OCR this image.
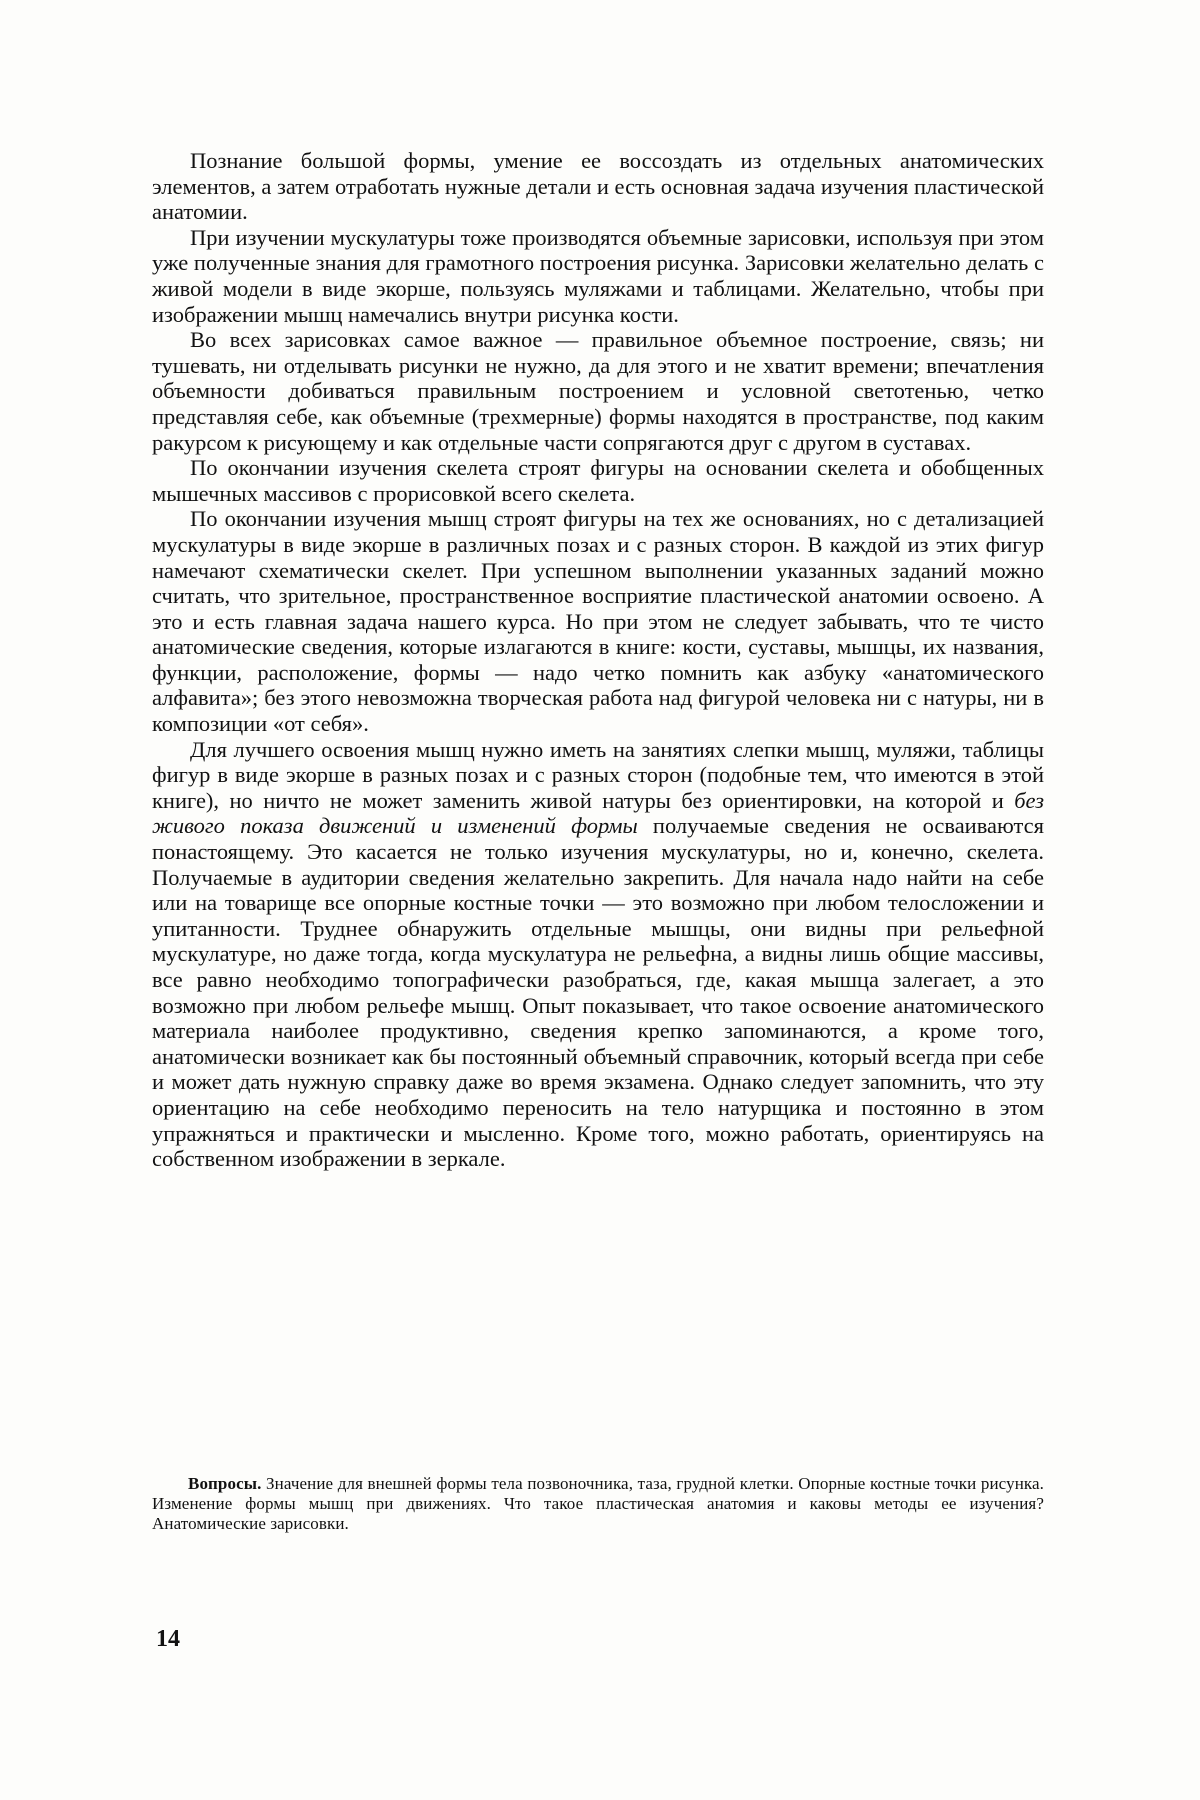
Познание большой формы, умение ее воссоздать из отдельных анатомических элементов, а затем отработать нужные детали и есть основная задача изучения пластической анатомии.

При изучении мускулатуры тоже производятся объемные зарисовки, используя при этом уже полученные знания для грамотного построения рисунка. Зарисовки желательно делать с живой модели в виде экорше, пользуясь муляжами и таблицами. Желательно, чтобы при изображении мышц намечались внутри рисунка кости.

Во всех зарисовках самое важное — правильное объемное построение, связь; ни тушевать, ни отделывать рисунки не нужно, да для этого и не хватит времени; впечатления объемности добиваться правильным построением и условной светотенью, четко представляя себе, как объемные (трехмерные) формы находятся в пространстве, под каким ракурсом к рисующему и как отдельные части сопрягаются друг с другом в суставах.

По окончании изучения скелета строят фигуры на основании скелета и обобщенных мышечных массивов с прорисовкой всего скелета.

По окончании изучения мышц строят фигуры на тех же основаниях, но с детализацией мускулатуры в виде экорше в различных позах и с разных сторон. В каждой из этих фигур намечают схематически скелет. При успешном выполнении указанных заданий можно считать, что зрительное, пространственное восприятие пластической анатомии освоено. А это и есть главная задача нашего курса. Но при этом не следует забывать, что те чисто анатомические сведения, которые излагаются в книге: кости, суставы, мышцы, их названия, функции, расположение, формы — надо четко помнить как азбуку «анатомического алфавита»; без этого невозможна творческая работа над фигурой человека ни с натуры, ни в композиции «от себя».

Для лучшего освоения мышц нужно иметь на занятиях слепки мышц, муляжи, таблицы фигур в виде экорше в разных позах и с разных сторон (подобные тем, что имеются в этой книге), но ничто не может заменить живой натуры без ориентировки, на которой и без живого показа движений и изменений формы получаемые сведения не осваиваются понастоящему. Это касается не только изучения мускулатуры, но и, конечно, скелета. Получаемые в аудитории сведения желательно закрепить. Для начала надо найти на себе или на товарище все опорные костные точки — это возможно при любом телосложении и упитанности. Труднее обнаружить отдельные мышцы, они видны при рельефной мускулатуре, но даже тогда, когда мускулатура не рельефна, а видны лишь общие массивы, все равно необходимо топографически разобраться, где, какая мышца залегает, а это возможно при любом рельефе мышц. Опыт показывает, что такое освоение анатомического материала наиболее продуктивно, сведения крепко запоминаются, а кроме того, анатомически возникает как бы постоянный объемный справочник, который всегда при себе и может дать нужную справку даже во время экзамена. Однако следует запомнить, что эту ориентацию на себе необходимо переносить на тело натурщика и постоянно в этом упражняться и практически и мысленно. Кроме того, можно работать, ориентируясь на собственном изображении в зеркале.

Вопросы. Значение для внешней формы тела позвоночника, таза, грудной клетки. Опорные костные точки рисунка. Изменение формы мышц при движениях. Что такое пластическая анатомия и каковы методы ее изучения? Анатомические зарисовки.

14
